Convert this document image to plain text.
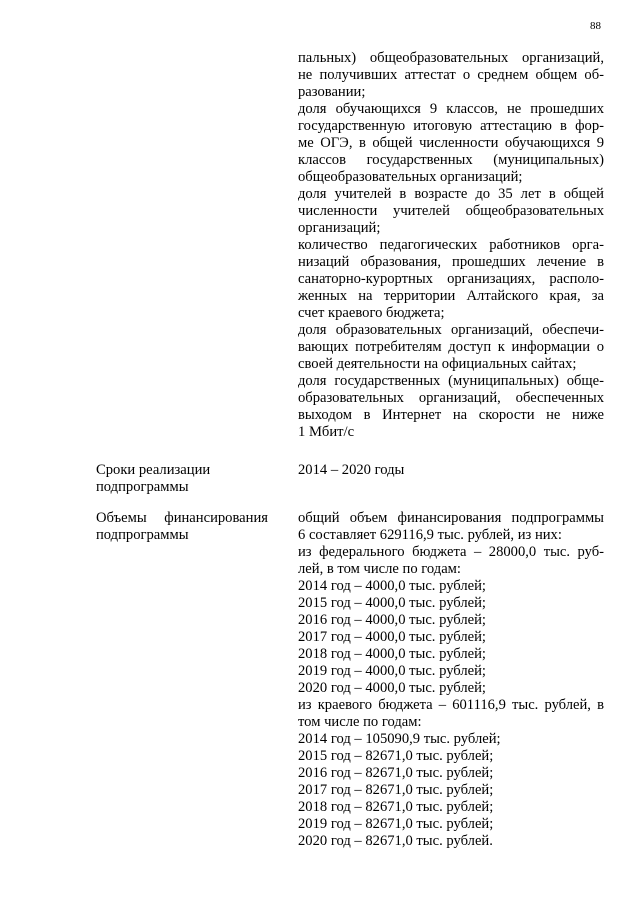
88
пальных) общеобразовательных организаций,
не получивших аттестат о среднем общем об-
разовании;
доля обучающихся 9 классов, не прошедших
государственную итоговую аттестацию в фор-
ме ОГЭ, в общей численности обучающихся 9
классов государственных (муниципальных)
общеобразовательных организаций;
доля учителей в возрасте до 35 лет в общей
численности учителей общеобразовательных
организаций;
количество педагогических работников орга-
низаций образования, прошедших лечение в
санаторно-курортных организациях, располо-
женных на территории Алтайского края, за
счет краевого бюджета;
доля образовательных организаций, обеспечи-
вающих потребителям доступ к информации о
своей деятельности на официальных сайтах;
доля государственных (муниципальных) обще-
образовательных организаций, обеспеченных
выходом в Интернет на скорости не ниже
1 Мбит/с
Сроки реализации
подпрограммы
2014 – 2020 годы
Объемы финансирования
подпрограммы
общий объем финансирования подпрограммы
6 составляет 629116,9 тыс. рублей, из них:
из федерального бюджета – 28000,0 тыс. руб-
лей, в том числе по годам:
2014 год – 4000,0 тыс. рублей;
2015 год – 4000,0 тыс. рублей;
2016 год – 4000,0 тыс. рублей;
2017 год – 4000,0 тыс. рублей;
2018 год – 4000,0 тыс. рублей;
2019 год – 4000,0 тыс. рублей;
2020 год – 4000,0 тыс. рублей;
из краевого бюджета – 601116,9 тыс. рублей, в
том числе по годам:
2014 год – 105090,9 тыс. рублей;
2015 год – 82671,0 тыс. рублей;
2016 год – 82671,0 тыс. рублей;
2017 год – 82671,0 тыс. рублей;
2018 год – 82671,0 тыс. рублей;
2019 год – 82671,0 тыс. рублей;
2020 год – 82671,0 тыс. рублей.
